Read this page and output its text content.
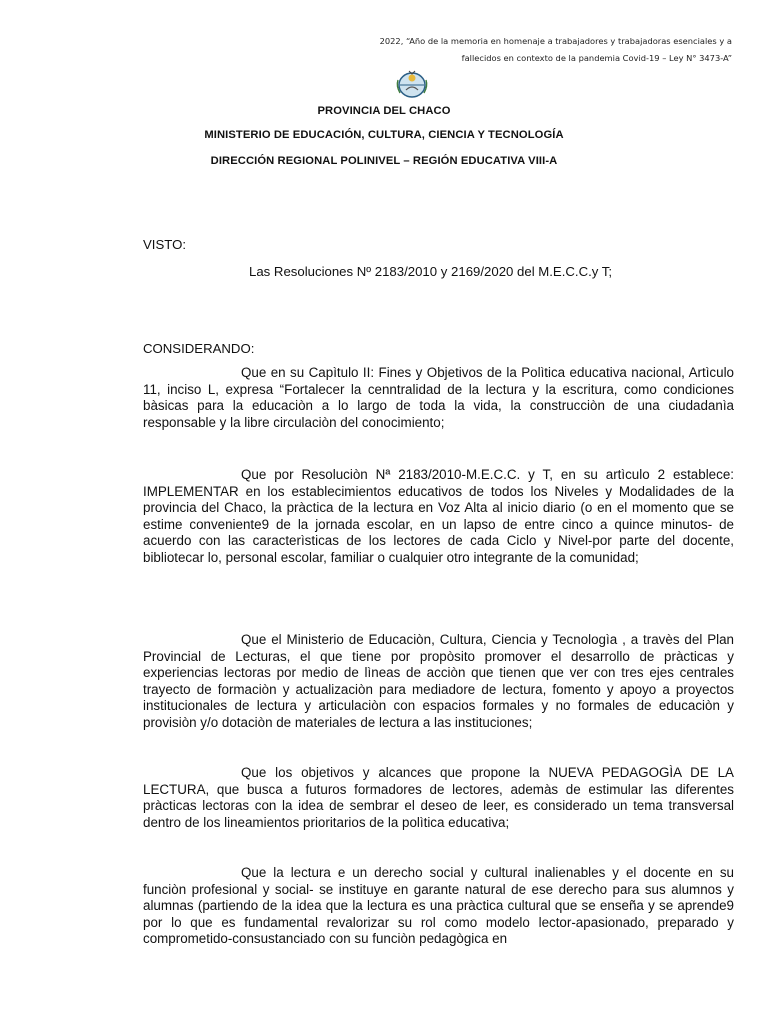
2022, “Año de la memoria en homenaje a trabajadores y trabajadoras esenciales y a
fallecidos en contexto de la pandemia Covid-19 – Ley N° 3473-A”
PROVINCIA DEL CHACO
MINISTERIO DE EDUCACIÓN, CULTURA, CIENCIA Y TECNOLOGÍA
DIRECCIÓN REGIONAL POLINIVEL – REGIÓN EDUCATIVA VIII-A
VISTO:
Las Resoluciones Nº 2183/2010 y 2169/2020 del M.E.C.C.y T;
CONSIDERANDO:
Que en su Capìtulo II: Fines y Objetivos de la Polìtica educativa nacional, Artìculo 11, inciso L, expresa “Fortalecer la cenntralidad de la lectura y la escritura, como condiciones bàsicas para la educaciòn a lo largo de toda la vida, la construcciòn de una ciudadanìa responsable y la libre circulaciòn del conocimiento;
Que por Resoluciòn Nª 2183/2010-M.E.C.C. y T, en su artìculo 2 establece: IMPLEMENTAR en los establecimientos educativos de todos los Niveles y Modalidades de la provincia del Chaco, la pràctica de la lectura en Voz Alta al inicio diario (o en el momento que se estime conveniente9 de la jornada escolar, en un lapso de entre cinco a quince minutos- de acuerdo con las caracterìsticas de los lectores de cada Ciclo y Nivel-por parte del docente, bibliotecar lo, personal escolar, familiar o cualquier otro integrante de la comunidad;
Que el Ministerio de Educaciòn, Cultura, Ciencia y Tecnologìa , a travès del Plan Provincial de Lecturas, el que tiene por propòsito promover el desarrollo de pràcticas y experiencias lectoras por medio de lìneas de acciòn que tienen que ver con tres ejes centrales trayecto de formaciòn y actualizaciòn para mediadore de lectura, fomento y apoyo a proyectos institucionales de lectura y articulaciòn con espacios formales y no formales de educaciòn y provisiòn y/o dotaciòn de materiales de lectura a las instituciones;
Que los objetivos y alcances que propone la NUEVA PEDAGOGÌA DE LA LECTURA, que busca a futuros formadores de lectores, ademàs de estimular las diferentes pràcticas lectoras con la idea de sembrar el deseo de leer, es considerado un tema transversal dentro de los lineamientos prioritarios de la polìtica educativa;
Que la lectura e un derecho social y cultural inalienables y el docente en su funciòn profesional y social- se instituye en garante natural de ese derecho para sus alumnos y alumnas (partiendo de la idea que la lectura es una pràctica cultural que se enseña y se aprende9 por lo que es fundamental revalorizar su rol como modelo lector-apasionado, preparado y comprometido-consustanciado con su funciòn pedagògica en
